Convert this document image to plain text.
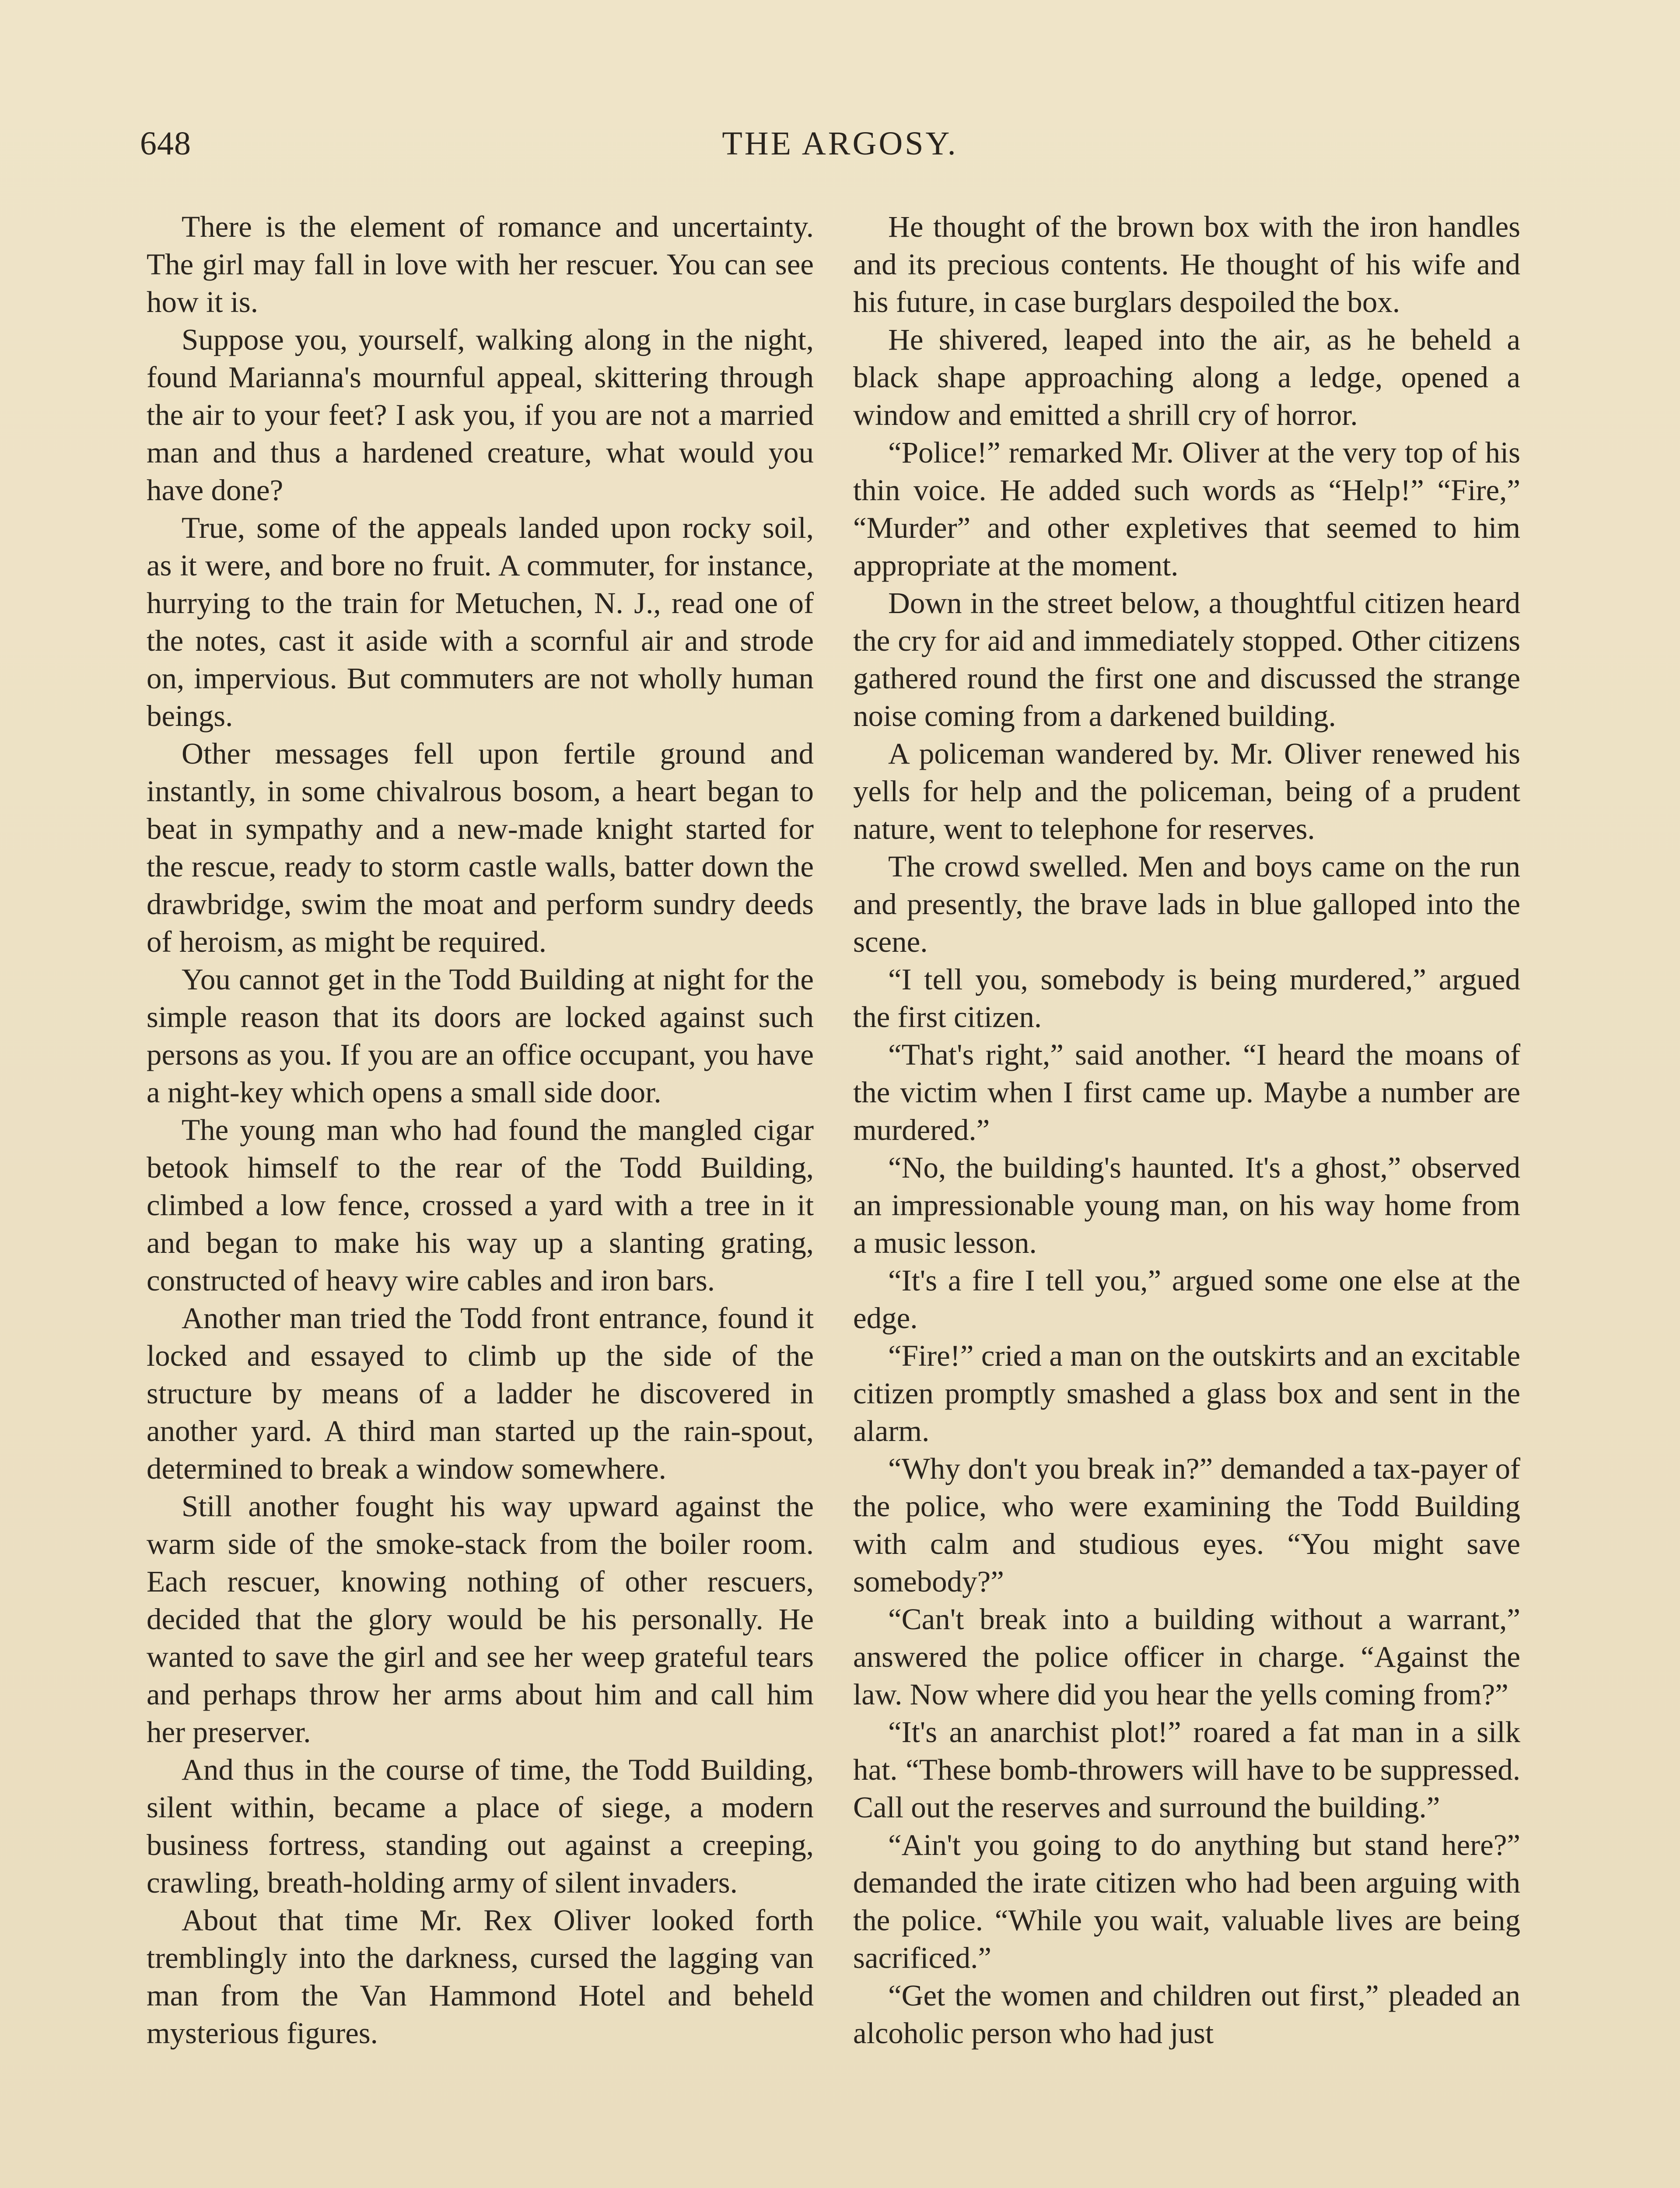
648	THE ARGOSY.

There is the element of romance and uncertainty. The girl may fall in love with her rescuer. You can see how it is.

Suppose you, yourself, walking along in the night, found Marianna's mournful appeal, skittering through the air to your feet? I ask you, if you are not a married man and thus a hardened creature, what would you have done?

True, some of the appeals landed upon rocky soil, as it were, and bore no fruit. A commuter, for instance, hurrying to the train for Metuchen, N. J., read one of the notes, cast it aside with a scornful air and strode on, impervious. But commuters are not wholly human beings.

Other messages fell upon fertile ground and instantly, in some chivalrous bosom, a heart began to beat in sympathy and a new-made knight started for the rescue, ready to storm castle walls, batter down the drawbridge, swim the moat and perform sundry deeds of heroism, as might be required.

You cannot get in the Todd Building at night for the simple reason that its doors are locked against such persons as you. If you are an office occupant, you have a night-key which opens a small side door.

The young man who had found the mangled cigar betook himself to the rear of the Todd Building, climbed a low fence, crossed a yard with a tree in it and began to make his way up a slanting grating, constructed of heavy wire cables and iron bars.

Another man tried the Todd front entrance, found it locked and essayed to climb up the side of the structure by means of a ladder he discovered in another yard. A third man started up the rain-spout, determined to break a window somewhere.

Still another fought his way upward against the warm side of the smoke-stack from the boiler room. Each rescuer, knowing nothing of other rescuers, decided that the glory would be his personally. He wanted to save the girl and see her weep grateful tears and perhaps throw her arms about him and call him her preserver.

And thus in the course of time, the Todd Building, silent within, became a place of siege, a modern business fortress, standing out against a creeping, crawling, breath-holding army of silent invaders.

About that time Mr. Rex Oliver looked forth tremblingly into the darkness, cursed the lagging van man from the Van Hammond Hotel and beheld mysterious figures.

He thought of the brown box with the iron handles and its precious contents. He thought of his wife and his future, in case burglars despoiled the box.

He shivered, leaped into the air, as he beheld a black shape approaching along a ledge, opened a window and emitted a shrill cry of horror.

“Police!” remarked Mr. Oliver at the very top of his thin voice. He added such words as “Help!” “Fire,” “Murder” and other expletives that seemed to him appropriate at the moment.

Down in the street below, a thoughtful citizen heard the cry for aid and immediately stopped. Other citizens gathered round the first one and discussed the strange noise coming from a darkened building.

A policeman wandered by. Mr. Oliver renewed his yells for help and the policeman, being of a prudent nature, went to telephone for reserves.

The crowd swelled. Men and boys came on the run and presently, the brave lads in blue galloped into the scene.

“I tell you, somebody is being murdered,” argued the first citizen.

“That's right,” said another. “I heard the moans of the victim when I first came up. Maybe a number are murdered.”

“No, the building's haunted. It's a ghost,” observed an impressionable young man, on his way home from a music lesson.

“It's a fire I tell you,” argued some one else at the edge.

“Fire!” cried a man on the outskirts and an excitable citizen promptly smashed a glass box and sent in the alarm.

“Why don't you break in?” demanded a tax-payer of the police, who were examining the Todd Building with calm and studious eyes. “You might save somebody?”

“Can't break into a building without a warrant,” answered the police officer in charge. “Against the law. Now where did you hear the yells coming from?”

“It's an anarchist plot!” roared a fat man in a silk hat. “These bomb-throwers will have to be suppressed. Call out the reserves and surround the building.”

“Ain't you going to do anything but stand here?” demanded the irate citizen who had been arguing with the police. “While you wait, valuable lives are being sacrificed.”

“Get the women and children out first,” pleaded an alcoholic person who had just
